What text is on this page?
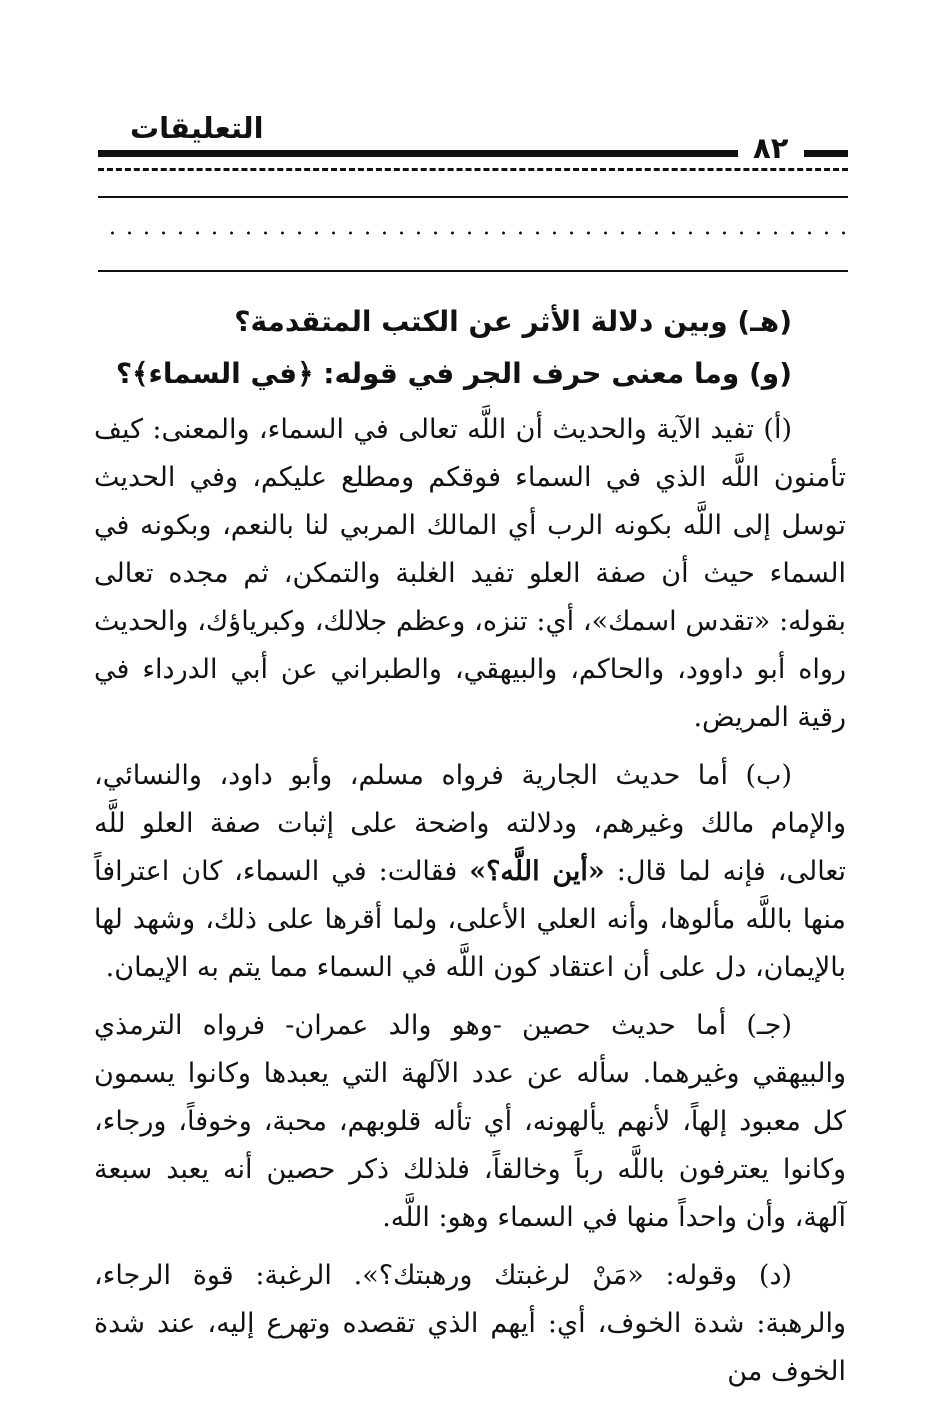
التعليقات
٨٢

(هـ) وبين دلالة الأثر عن الكتب المتقدمة؟

(و) وما معنى حرف الجر في قوله: ﴿في السماء﴾؟

(أ) تفيد الآية والحديث أن اللَّه تعالى في السماء، والمعنى: كيف تأمنون اللَّه الذي في السماء فوقكم ومطلع عليكم، وفي الحديث توسل إلى اللَّه بكونه الرب أي المالك المربي لنا بالنعم، وبكونه في السماء حيث أن صفة العلو تفيد الغلبة والتمكن، ثم مجده تعالى بقوله: «تقدس اسمك»، أي: تنزه، وعظم جلالك، وكبرياؤك، والحديث رواه أبو داوود، والحاكم، والبيهقي، والطبراني عن أبي الدرداء في رقية المريض.

(ب) أما حديث الجارية فرواه مسلم، وأبو داود، والنسائي، والإمام مالك وغيرهم، ودلالته واضحة على إثبات صفة العلو للَّه تعالى، فإنه لما قال: «أين اللَّه؟» فقالت: في السماء، كان اعترافاً منها باللَّه مألوها، وأنه العلي الأعلى، ولما أقرها على ذلك، وشهد لها بالإيمان، دل على أن اعتقاد كون اللَّه في السماء مما يتم به الإيمان.

(جـ) أما حديث حصين -وهو والد عمران- فرواه الترمذي والبيهقي وغيرهما. سأله عن عدد الآلهة التي يعبدها وكانوا يسمون كل معبود إلهاً، لأنهم يألهونه، أي تأله قلوبهم، محبة، وخوفاً، ورجاء، وكانوا يعترفون باللَّه رباً وخالقاً، فلذلك ذكر حصين أنه يعبد سبعة آلهة، وأن واحداً منها في السماء وهو: اللَّه.

(د) وقوله: «مَنْ لرغبتك ورهبتك؟». الرغبة: قوة الرجاء، والرهبة: شدة الخوف، أي: أيهم الذي تقصده وتهرع إليه، عند شدة الخوف من
